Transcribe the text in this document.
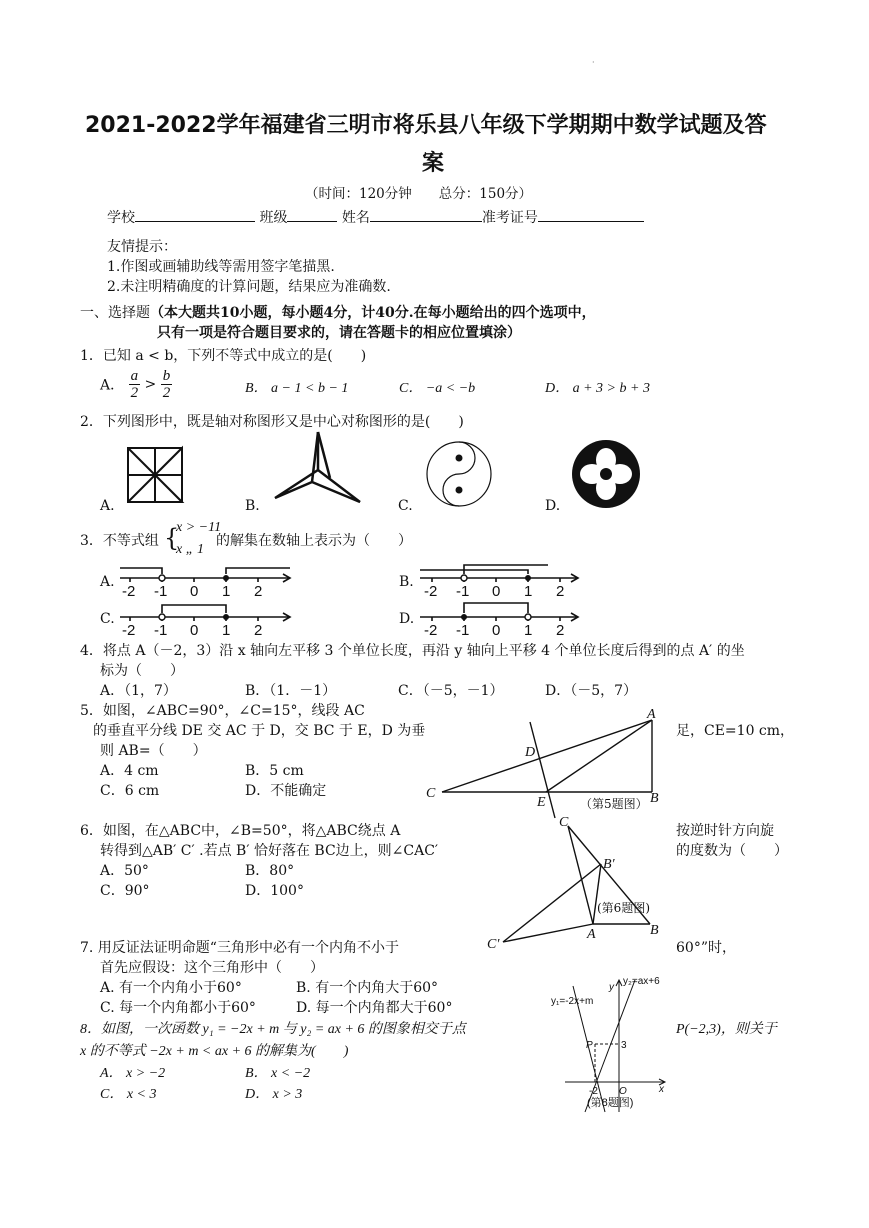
·
2021-2022学年福建省三明市将乐县八年级下学期期中数学试题及答
案
（时间：120分钟　　总分：150分）
学校	班级	姓名	准考证号
友情提示：
1.作图或画辅助线等需用签字笔描黑.
2.未注明精确度的计算问题，结果应为准确数.
一、选择题（本大题共10小题，每小题4分，计40分.在每小题给出的四个选项中，
只有一项是符合题目要求的，请在答题卡的相应位置填涂）
1．已知 a < b，下列不等式中成立的是(　　)
A． $\frac{a}{2} > \frac{b}{2}$	B． a − 1 < b − 1	C． −a < −b	D． a + 3 > b + 3
2．下列图形中，既是轴对称图形又是中心对称图形的是(　　)
A.	B.	C.	D.
3．不等式组 {
x > −11
x „ 1
的解集在数轴上表示为（　　）
A.	B.
C.	D.
-2 -1 0 1 2	-2 -1 0 1 2
-2 -1 0 1 2	-2 -1 0 1 2
4．将点 A（－2，3）沿 x 轴向左平移 3 个单位长度，再沿 y 轴向上平移 4 个单位长度后得到的点 A′ 的坐
标为（　　）
A．（1，7）	B．（1．－1）	C．（－5，－1）	D．（－5，7）
5．如图，∠ABC=90°，∠C=15°，线段 AC
的垂直平分线 DE 交 AC 于 D，交 BC 于 E，D 为垂	足，CE=10 cm，
则 AB=（　　）
A．4 cm	B．5 cm
C．6 cm	D．不能确定	C
A
B
D
E	（第5题图）
6．如图，在△ABC中，∠B=50°，将△ABC绕点 A	按逆时针方向旋
转得到△AB′ C′ .若点 B′ 恰好落在 BC边上，则∠CAC′	的度数为（　　）
A．50°	B．80°
C．90°	D．100°
C
B′
A	B
C′
(第6题图)
7. 用反证法证明命题“三角形中必有一个内角不小于	60°”时，
首先应假设：这个三角形中（　　）
A. 有一个内角小于60°	B. 有一个内角大于60°
C. 每一个内角都小于60°	D. 每一个内角都大于60°
8．如图，一次函数 y₁ = −2x + m 与 y₂ = ax + 6 的图象相交于点	P(−2,3)，则关于
x 的不等式 −2x + m < ax + 6 的解集为(　　)
A． x > −2	B． x < −2
C． x < 3	D． x > 3
y₂=ax+6
y₁=-2x+m
y
x
P	3
-2 O
(第8题图)
